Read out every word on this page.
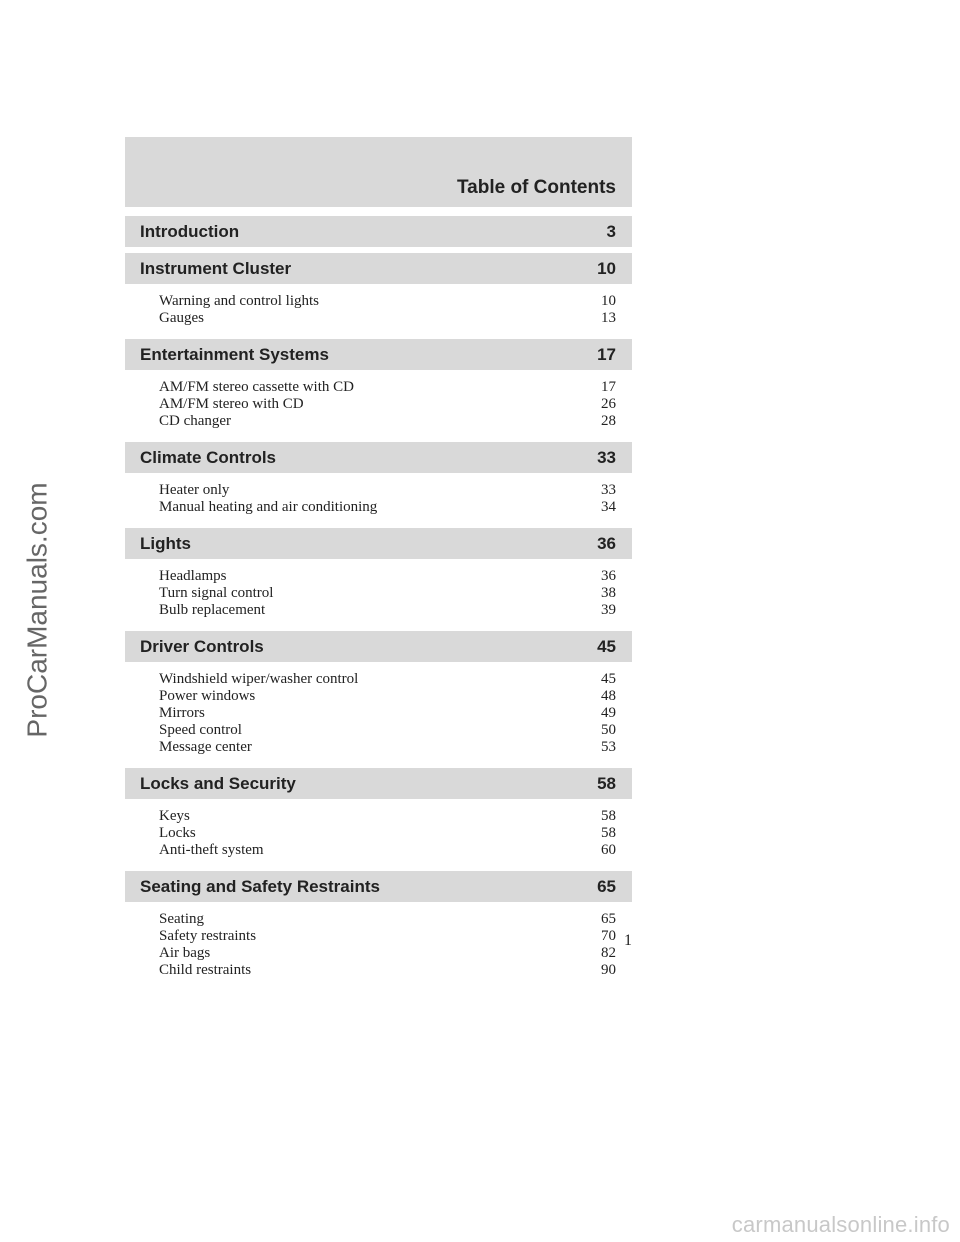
ProCarManuals.com
Table of Contents
Introduction	3
Instrument Cluster	10
Warning and control lights	10
Gauges	13
Entertainment Systems	17
AM/FM stereo cassette with CD	17
AM/FM stereo with CD	26
CD changer	28
Climate Controls	33
Heater only	33
Manual heating and air conditioning	34
Lights	36
Headlamps	36
Turn signal control	38
Bulb replacement	39
Driver Controls	45
Windshield wiper/washer control	45
Power windows	48
Mirrors	49
Speed control	50
Message center	53
Locks and Security	58
Keys	58
Locks	58
Anti-theft system	60
Seating and Safety Restraints	65
Seating	65
Safety restraints	70
Air bags	82
Child restraints	90
1
carmanualsonline.info
